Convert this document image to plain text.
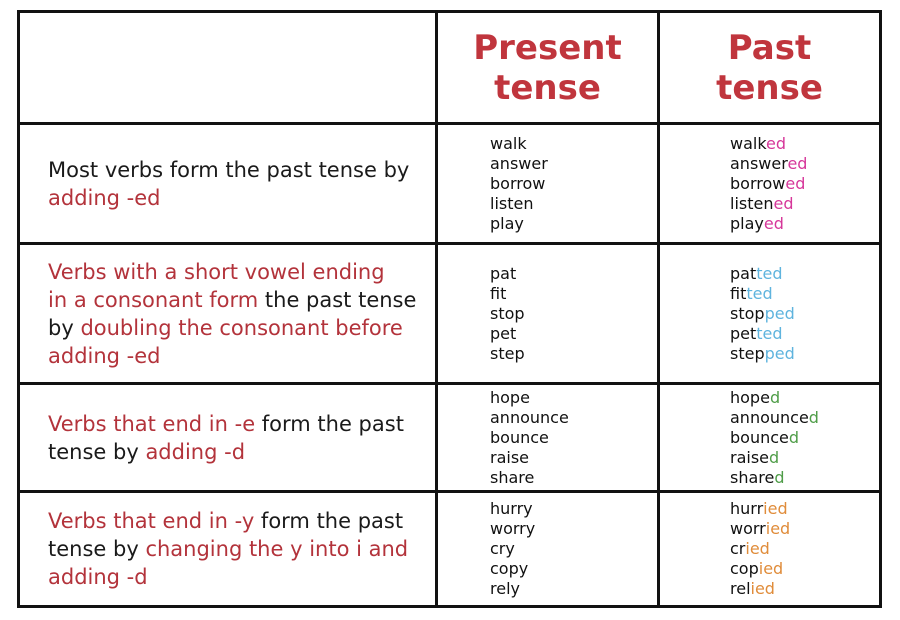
Present
tense
Past
tense
Most verbs form the past tense by
adding -ed
walk
answer
borrow
listen
play
walked
answered
borrowed
listened
played
Verbs with a short vowel ending
in a consonant form the past tense
by doubling the consonant before
adding -ed
pat
fit
stop
pet
step
patted
fitted
stopped
petted
stepped
Verbs that end in -e form the past
tense by adding -d
hope
announce
bounce
raise
share
hoped
announced
bounced
raised
shared
Verbs that end in -y form the past
tense by changing the y into i and
adding -d
hurry
worry
cry
copy
rely
hurried
worried
cried
copied
relied
